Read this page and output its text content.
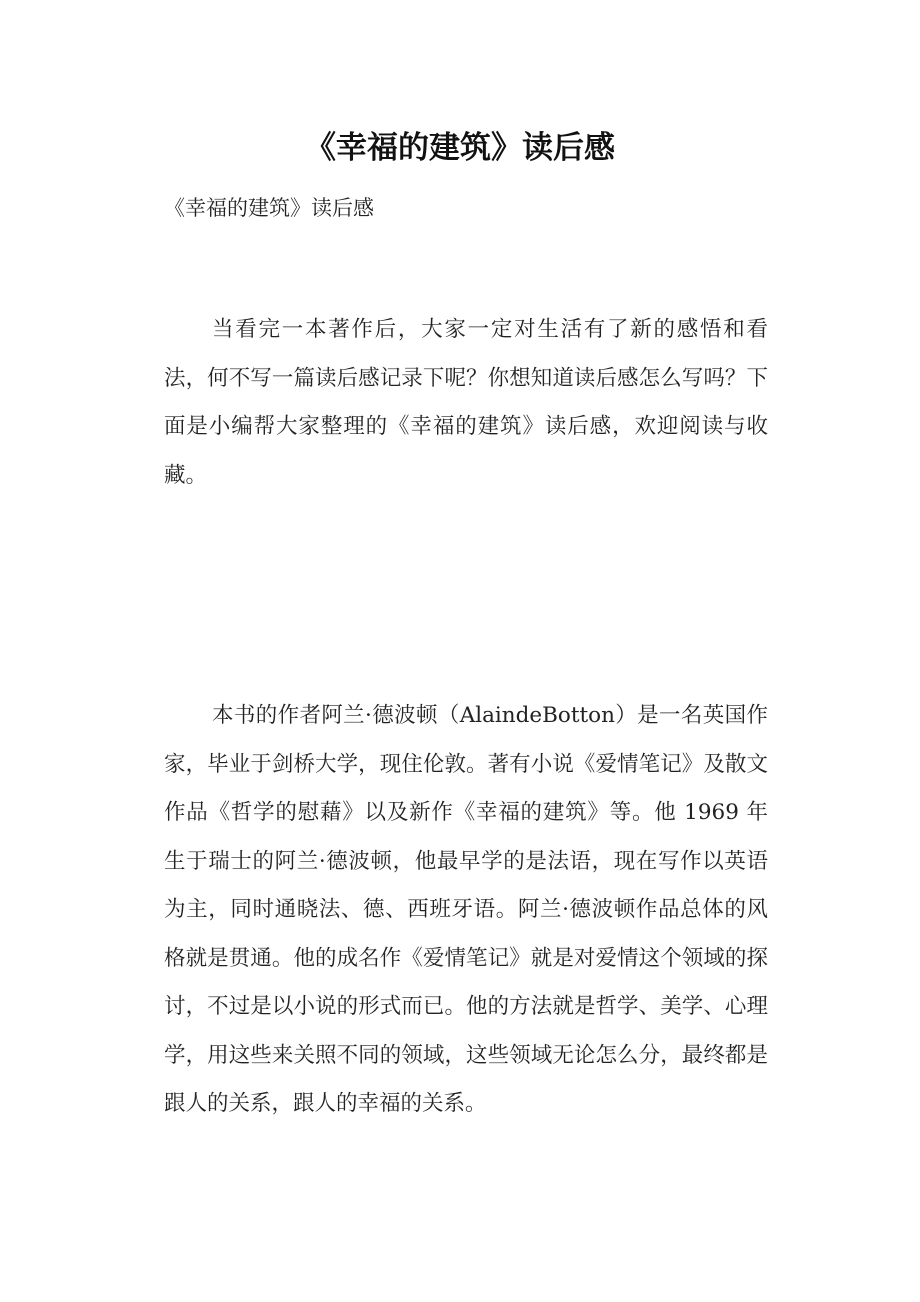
《幸福的建筑》读后感
《幸福的建筑》读后感

当看完一本著作后，大家一定对生活有了新的感悟和看法，何不写一篇读后感记录下呢？你想知道读后感怎么写吗？下面是小编帮大家整理的《幸福的建筑》读后感，欢迎阅读与收藏。

本书的作者阿兰·德波顿（AlaindeBotton）是一名英国作家，毕业于剑桥大学，现住伦敦。著有小说《爱情笔记》及散文作品《哲学的慰藉》以及新作《幸福的建筑》等。他 1969 年生于瑞士的阿兰·德波顿，他最早学的是法语，现在写作以英语为主，同时通晓法、德、西班牙语。阿兰·德波顿作品总体的风格就是贯通。他的成名作《爱情笔记》就是对爱情这个领域的探讨，不过是以小说的形式而已。他的方法就是哲学、美学、心理学，用这些来关照不同的领域，这些领域无论怎么分，最终都是跟人的关系，跟人的幸福的关系。
